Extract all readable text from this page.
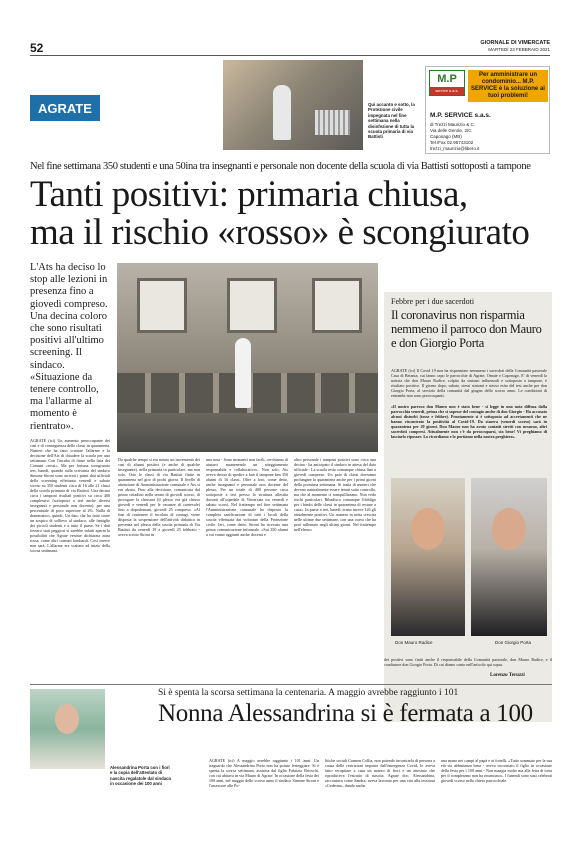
52	GIORNALE DI VIMERCATE
MARTEDÌ 23 FEBBRAIO 2021
AGRATE	Qui accanto e sotto, la Protezione civile impegnata nel fine settimana nella disinfezione di tutta la scuola primaria di via Battisti
M.P
service s.a.s.
Per amministrare un condominio... M.P. SERVICE è la soluzione ai tuoi problemi!
M.P. SERVICE s.a.s.
di Trezzi Maurizio & C.
Via delle Gerole, 2/C
Caponago (MB)
Tel./Fax 02.95743102
trezzi_maurizio@libero.it
Nel fine settimana 350 studenti e una 50ina tra insegnanti e personale non docente della scuola di via Battisti sottoposti a tampone
Tanti positivi: primaria chiusa,
ma il rischio «rosso» è scongiurato
L'Ats ha deciso lo stop alle lezioni in presenza fino a giovedì compreso. Una decina coloro che sono risultati positivi all'ultimo screening. Il sindaco. «Situazione da tenere controllo, ma l'allarme al momento è rientrato».

AGRATE (tci) Un aumento preoccupante dei casi e di conseguenza delle classi in quarantena. Numeri che ha fatto scattare l'allarme e la decisione dell'Ats di chiudere la scuola per una settimana. Con l'incubo di finire nella lista dei Comuni «rossi». Ma per fortuna scongiurato ieri, lunedì, quando sulla scrivania del sindaco Simone Sironi sono arrivati i primi dati ufficiali dello screening effettuato venerdì e sabato scorso su 350 studenti circa di 16 alle 21 classi della scuola primaria di via Battisti. Una decina circa i tamponi risultati positivi su circa 400 complessivi (sottoposti a test anche diversi insegnanti e personale non docente), per una percentuale di poco superiore al 2%. Nulla di drammatico, quindi. Un dato che ha fatto tirare un sospiro di sollievo al sindaco, alle famiglie dei piccoli studenti e a tutto il paese. Se i dati fossero stati peggiori si sarebbe infatti aperta la possibilità che Agrate venisse dichiarata zona rossa, come altri comuni lombardi. Così invece non sarà. L'allarme era scattato ad inizio della scorsa settimana.

Da qualche tempo si era notato un incremento dei casi di alunni positivi (e anche di qualche insegnante), nella primaria in particolare, ma non solo. Otto le classi di via Battisti finite in quarantena nel giro di pochi giorni. Il livello di attenzione di Amministrazione comunale e Ats si era alzato. Fino alla decisione, comunicata dal primo cittadino nella serata di giovedì scorso, di prorogare la chiusura (il plesso era già chiuso giovedì e venerdì per le vacanze di carnevale) fino a dopodomani, giovedì 25 compreso. «Al fine di contenere il focolaio di contagi, viene disposta la sospensione dell'attività didattica in presenza nel plesso della scuola primaria di Via Battisti da venerdì 19 a giovedì 25 febbraio - aveva scritto Sironi in

una nota - Sono momenti non facili, cerchiamo di aiutarci mantenendo un atteggiamento responsabile e collaborativo». Non solo, Ats aveva deciso di spedire a fare il tampone ben 350 alunni di 16 classi. Oltre a loro, come detto, anche insegnanti e personale non docente del plesso. Per un totale di 400 persone circa sottoposte a test presso la struttura allestita davanti all'ospedale di Vimercate tra venerdì e sabato scorsi. Nel frattempo nel fine settimana l'Amministrazione comunale ha disposto la completa sanificazione di tutti i locali della scuola effettuata dai volontari della Protezione civile. Ieri, come detto, Sironi ha ricevuto una prima comunicazione informale. «Sui 350 alunni a cui vanno aggiunti anche docenti e

altro personale i tamponi positivi sono circa una decina - ha anticipato il sindaco in attesa del dato ufficiale - La scuola resta comunque chiusa fino a giovedì compreso. Un paio di classi dovranno prolungare la quarantena anche per i primi giorni della prossima settimana. Si tratta di numeri che devono naturalmente essere tenuti sotto controllo, ma che al momento ci tranquillizzano. Non vedo rischi particolari. Ribadisco comunque l'obbligo per i bimbi delle classi in quarantena di restare a casa». In paese a ieri, lunedì, erano invece 126 gli attualmente positivi. Un numero in netta crescita nelle ultime due settimane, con una curva che ha però rallentato negli ultimi giorni. Nel frattempo nell'elenco

Febbre per i due sacerdoti
Il coronavirus non risparmia nemmeno il parroco don Mauro e don Giorgio Porta
AGRATE (tci) Il Covid 19 non ha risparmiato nemmeno i sacerdoti della Comunità pastorale Casa di Betania, cui fanno capo le parrocchie di Agrate, Omate e Caponago. E' di venerdì la notizia che don Mauro Radice, colpito da sintomi influenzali e sottoposto a tampone, è risultato positivo. Il giorno dopo, sabato, stessi sintomi e stesso esito del test anche per don Giorgio Porta, al servizio della comunità dal giugno dello scorso anno. Le condizioni di entrambi non sono preoccupanti.
«Il nostro parroco don Mauro non è stato bene - si legge in una nota diffusa dalla parrocchia venerdì, prima che si sapesse del contagio anche di don Giorgio - Ha accusato alcuni disturbi (tosse e febbre). Prontamente si è sottoposto ad accertamenti che ne hanno riscontrato la positività al Covid-19. Da stasera (venerdì scorso) sarà in quarantena per 20 giorni. Don Mauro non ha avuto contatti stretti con nessuno, altri sacerdoti compresi. Attualmente non c'è da preoccuparsi, sta bene! Vi preghiamo di lasciarlo riposare. Lo ricordiamo e lo portiamo nella nostra preghiera».
Don Mauro Radice	Don Giorgio Porta
dei positivi sono finiti anche il responsabile della Comunità pastorale, don Mauro Radice, e il coadiutore don Giorgio Porta. Di cui diamo conto nell'articolo qui sopra.
Lorenzo Teruzzi
Alessandrina Porta con i fiori e la copia dell'attestato di nascita regalatole dal sindaco in occasione dei 100 anni
Si è spenta la scorsa settimana la centenaria. A maggio avrebbe raggiunto i 101
Nonna Alessandrina si è fermata a 100

AGRATE (tci) A maggio avrebbe raggiunto i 101 anni. Un traguardo che Alessandrina Porta non ha potuto festeggiare. Si è spenta la scorsa settimana, assistita dal figlio Fabrizio Brioschi, con cui abitava in via Mauro di Agrate. In occasione della festa dei 100 anni, nel maggio dello scorso anno il sindaco Simone Sironi e l'assessore alle Po-

litiche sociali Carmen Collia, non potendo incontrarla di persona a causa delle restrizioni imposte dall'emergenza Covid, le aveva fatto recapitare a casa un mazzo di fiori e un attestato che riproduceva l'estratto di nascita. Agrate doc, Alessandrina, raccontava come Sandra, aveva lavorato per una vita alla tessitura «Cederna», dando anche

una mano nei campi al papà e ai fratelli. «Tutto sommato per la sua età sta abbastanza bene - aveva raccontato il figlio in occasione della festa per i 100 anni - Non mangia molto ma alla fetta di torta per il compleanno non ha rinunciato». I funerali sono stati celebrati giovedì scorso nella chiesa parrocchiale.
